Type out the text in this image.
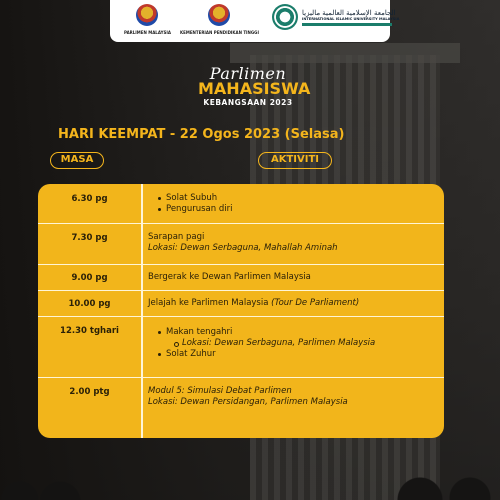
PARLIMEN MALAYSIA KEMENTERIAN PENDIDIKAN TINGGI
الجامعة الإسلامية العالمية ماليزيا
INTERNATIONAL ISLAMIC UNIVERSITY MALAYSIA
Parlimen
MAHASISWA
KEBANGSAAN 2023
HARI KEEMPAT - 22 Ogos 2023 (Selasa)
MASA	AKTIVITI
6.30 pg	Solat Subuh
Pengurusan diri
7.30 pg	Sarapan pagi
Lokasi: Dewan Serbaguna, Mahallah Aminah
9.00 pg	Bergerak ke Dewan Parlimen Malaysia
10.00 pg	Jelajah ke Parlimen Malaysia (Tour De Parliament)
12.30 tghari	Makan tengahri
Lokasi: Dewan Serbaguna, Parlimen Malaysia
Solat Zuhur
2.00 ptg	Modul 5: Simulasi Debat Parlimen
Lokasi: Dewan Persidangan, Parlimen Malaysia
